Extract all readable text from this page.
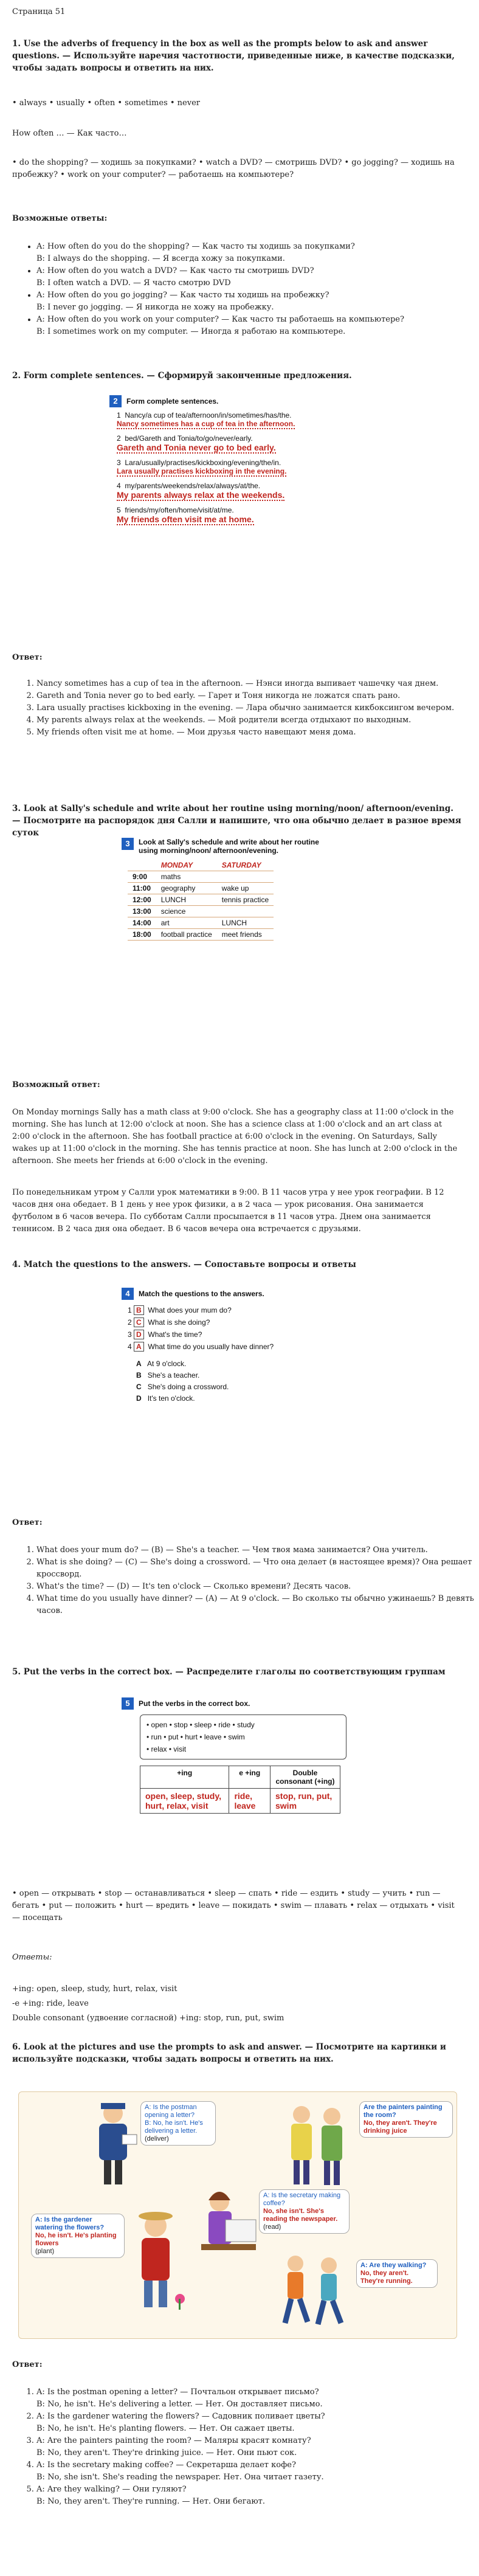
Страница 51
1. Use the adverbs of frequency in the box as well as the prompts below to ask and answer questions. — Используйте наречия частотности, приведенные ниже, в качестве подсказки, чтобы задать вопросы и ответить на них.
• always • usually • often • sometimes • never
How often … — Как часто…
• do the shopping? — ходишь за покупками? • watch a DVD? — смотришь DVD? • go jogging? — ходишь на пробежку? • work on your computer? — работаешь на компьютере?
Возможные ответы:
• A: How often do you do the shopping? — Как часто ты ходишь за покупками?
B: I always do the shopping. — Я всегда хожу за покупками.
• A: How often do you watch a DVD? — Как часто ты смотришь DVD?
B: I often watch a DVD. — Я часто смотрю DVD
• A: How often do you go jogging? — Как часто ты ходишь на пробежку?
B: I never go jogging. — Я никогда не хожу на пробежку.
• A: How often do you work on your computer? — Как часто ты работаешь на компьютере?
B: I sometimes work on my computer. — Иногда я работаю на компьютере.
2. Form complete sentences. — Сформируй законченные предложения.
2 Form complete sentences.
1 Nancy/a cup of tea/afternoon/in/sometimes/has/the.
Nancy sometimes has a cup of tea in the afternoon.
2 bed/Gareth and Tonia/to/go/never/early.
Gareth and Tonia never go to bed early.
3 Lara/usually/practises/kickboxing/evening/the/in.
Lara usually practises kickboxing in the evening.
4 my/parents/weekends/relax/always/at/the.
My parents always relax at the weekends.
5 friends/my/often/home/visit/at/me.
My friends often visit me at home.
Ответ:
1. Nancy sometimes has a cup of tea in the afternoon. — Нэнси иногда выпивает чашечку чая днем.
2. Gareth and Tonia never go to bed early. — Гарет и Тоня никогда не ложатся спать рано.
3. Lara usually practises kickboxing in the evening. — Лара обычно занимается кикбоксингом вечером.
4. My parents always relax at the weekends. — Мой родители всегда отдыхают по выходным.
5. My friends often visit me at home. — Мои друзья часто навещают меня дома.
3. Look at Sally's schedule and write about her routine using morning/noon/ afternoon/evening. — Посмотрите на распорядок дня Салли и напишите, что она обычно делает в разное время суток
3	Look at Sally's schedule and write about her routine using morning/noon/ afternoon/evening.
	MONDAY	SATURDAY
9:00	maths	
11:00	geography	wake up
12:00	LUNCH	tennis practice
13:00	science	
14:00	art	LUNCH
18:00	football practice	meet friends
Возможный ответ:
On Monday mornings Sally has a math class at 9:00 o'clock. She has a geography class at 11:00 o'clock in the morning. She has lunch at 12:00 o'clock at noon. She has a science class at 1:00 o'clock and an art class at 2:00 o'clock in the afternoon. She has football practice at 6:00 o'clock in the evening. On Saturdays, Sally wakes up at 11:00 o'clock in the morning. She has tennis practice at noon. She has lunch at 2:00 o'clock in the afternoon. She meets her friends at 6:00 o'clock in the evening.
По понедельникам утром у Салли урок математики в 9:00. В 11 часов утра у нее урок географии. В 12 часов дня она обедает. В 1 день у нее урок физики, а в 2 часа — урок рисования. Она занимается футболом в 6 часов вечера. По субботам Салли просыпается в 11 часов утра. Днем она занимается теннисом. В 2 часа дня она обедает. В 6 часов вечера она встречается с друзьями.
4. Match the questions to the answers. — Сопоставьте вопросы и ответы
4 Match the questions to the answers.
1 B What does your mum do?
2 C What is she doing?
3 D What's the time?
4 A What time do you usually have dinner?
A At 9 o'clock.
B She's a teacher.
C She's doing a crossword.
D It's ten o'clock.
Ответ:
1. What does your mum do? — (B) — She's a teacher. — Чем твоя мама занимается? Она учитель.
2. What is she doing? — (C) — She's doing a crossword. — Что она делает (в настоящее время)? Она решает кроссворд.
3. What's the time? — (D) — It's ten o'clock — Сколько времени? Десять часов.
4. What time do you usually have dinner? — (A) — At 9 o'clock. — Во сколько ты обычно ужинаешь? В девять часов.
5. Put the verbs in the correct box. — Распределите глаголы по соответствующим группам
5 Put the verbs in the correct box.
• open • stop • sleep • ride • study
• run • put • hurt • leave • swim
• relax • visit
+ing	e +ing	Double consonant (+ing)
open, sleep, study, hurt, relax, visit	ride, leave	stop, run, put, swim
• open — открывать • stop — останавливаться • sleep — спать • ride — ездить • study — учить • run — бегать • put — положить • hurt — вредить • leave — покидать • swim — плавать • relax — отдыхать • visit — посещать
Ответы:
+ing: open, sleep, study, hurt, relax, visit
-e +ing: ride, leave
Double consonant (удвоение согласной) +ing: stop, run, put, swim
6. Look at the pictures and use the prompts to ask and answer. — Посмотрите на картинки и используйте подсказки, чтобы задать вопросы и ответить на них.
A: Is the postman opening a letter?
B: No, he isn't. He's delivering a letter.
(deliver)
Are the painters painting the room?
No, they aren't. They're drinking juice
A: Is the gardener watering the flowers?
No, he isn't. He's planting flowers
(plant)
A: Is the secretary making coffee?
No, she isn't. She's reading the newspaper.
(read)
A: Are they walking?
No, they aren't. They're running.
Ответ:
1. A: Is the postman opening a letter? — Почтальон открывает письмо?
B: No, he isn't. He's delivering a letter. — Нет. Он доставляет письмо.
2. A: Is the gardener watering the flowers? — Садовник поливает цветы?
B: No, he isn't. He's planting flowers. — Нет. Он сажает цветы.
3. A: Are the painters painting the room? — Маляры красят комнату?
B: No, they aren't. They're drinking juice. — Нет. Они пьют сок.
4. A: Is the secretary making coffee? — Секретарша делает кофе?
B: No, she isn't. She's reading the newspaper. Нет. Она читает газету.
5. A: Are they walking? — Они гуляют?
B: No, they aren't. They're running. — Нет. Они бегают.
